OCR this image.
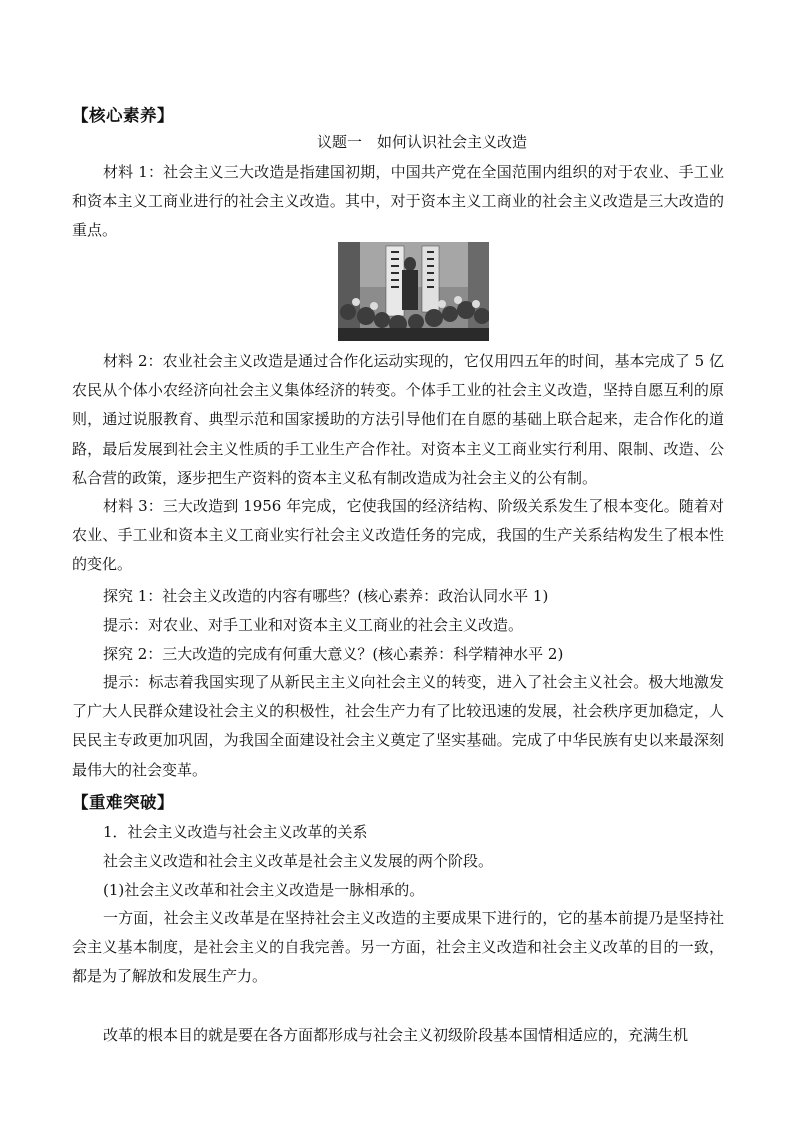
【核心素养】
议题一　如何认识社会主义改造

材料 1：社会主义三大改造是指建国初期，中国共产党在全国范围内组织的对于农业、手工业和资本主义工商业进行的社会主义改造。其中，对于资本主义工商业的社会主义改造是三大改造的重点。

材料 2：农业社会主义改造是通过合作化运动实现的，它仅用四五年的时间，基本完成了 5 亿农民从个体小农经济向社会主义集体经济的转变。个体手工业的社会主义改造，坚持自愿互利的原则，通过说服教育、典型示范和国家援助的方法引导他们在自愿的基础上联合起来，走合作化的道路，最后发展到社会主义性质的手工业生产合作社。对资本主义工商业实行利用、限制、改造、公私合营的政策，逐步把生产资料的资本主义私有制改造成为社会主义的公有制。

材料 3：三大改造到 1956 年完成，它使我国的经济结构、阶级关系发生了根本变化。随着对农业、手工业和资本主义工商业实行社会主义改造任务的完成，我国的生产关系结构发生了根本性的变化。

探究 1：社会主义改造的内容有哪些？(核心素养：政治认同水平 1)
提示：对农业、对手工业和对资本主义工商业的社会主义改造。
探究 2：三大改造的完成有何重大意义？(核心素养：科学精神水平 2)

提示：标志着我国实现了从新民主主义向社会主义的转变，进入了社会主义社会。极大地激发了广大人民群众建设社会主义的积极性，社会生产力有了比较迅速的发展，社会秩序更加稳定，人民民主专政更加巩固，为我国全面建设社会主义奠定了坚实基础。完成了中华民族有史以来最深刻最伟大的社会变革。

【重难突破】
1．社会主义改造与社会主义改革的关系
社会主义改造和社会主义改革是社会主义发展的两个阶段。
(1)社会主义改革和社会主义改造是一脉相承的。

一方面，社会主义改革是在坚持社会主义改造的主要成果下进行的，它的基本前提乃是坚持社会主义基本制度，是社会主义的自我完善。另一方面，社会主义改造和社会主义改革的目的一致，都是为了解放和发展生产力。

改革的根本目的就是要在各方面都形成与社会主义初级阶段基本国情相适应的，充满生机
